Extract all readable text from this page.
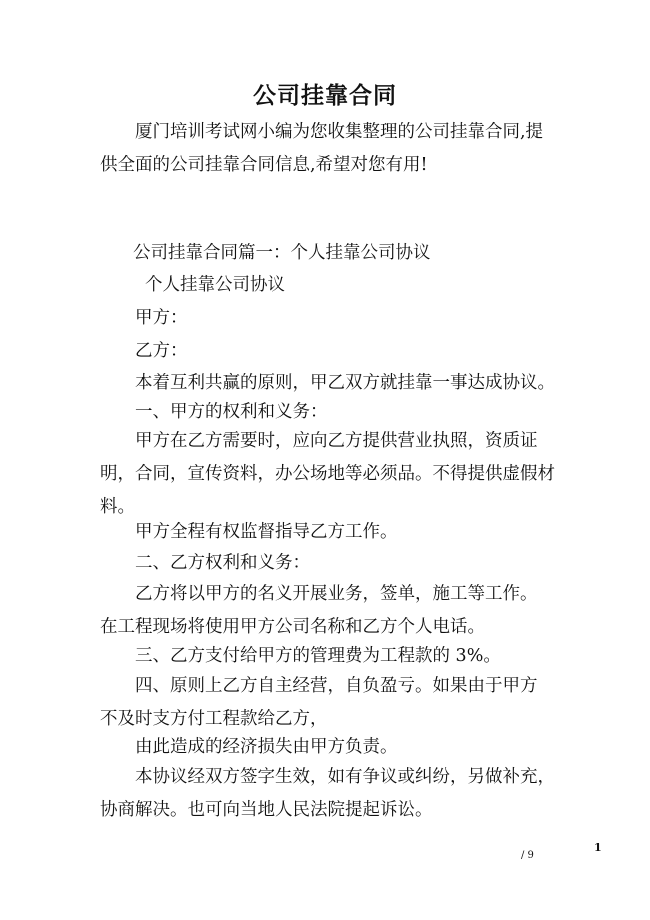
公司挂靠合同
厦门培训考试网小编为您收集整理的公司挂靠合同,提
供全面的公司挂靠合同信息,希望对您有用!
公司挂靠合同篇一：个人挂靠公司协议
个人挂靠公司协议
甲方：
乙方：
本着互利共赢的原则，甲乙双方就挂靠一事达成协议。
一、甲方的权利和义务：
甲方在乙方需要时，应向乙方提供营业执照，资质证
明，合同，宣传资料，办公场地等必须品。不得提供虚假材
料。
甲方全程有权监督指导乙方工作。
二、乙方权利和义务：
乙方将以甲方的名义开展业务，签单，施工等工作。
在工程现场将使用甲方公司名称和乙方个人电话。
三、乙方支付给甲方的管理费为工程款的 3%。
四、原则上乙方自主经营，自负盈亏。如果由于甲方
不及时支方付工程款给乙方，
由此造成的经济损失由甲方负责。
本协议经双方签字生效，如有争议或纠纷，另做补充，
协商解决。也可向当地人民法院提起诉讼。
/ 9
1
